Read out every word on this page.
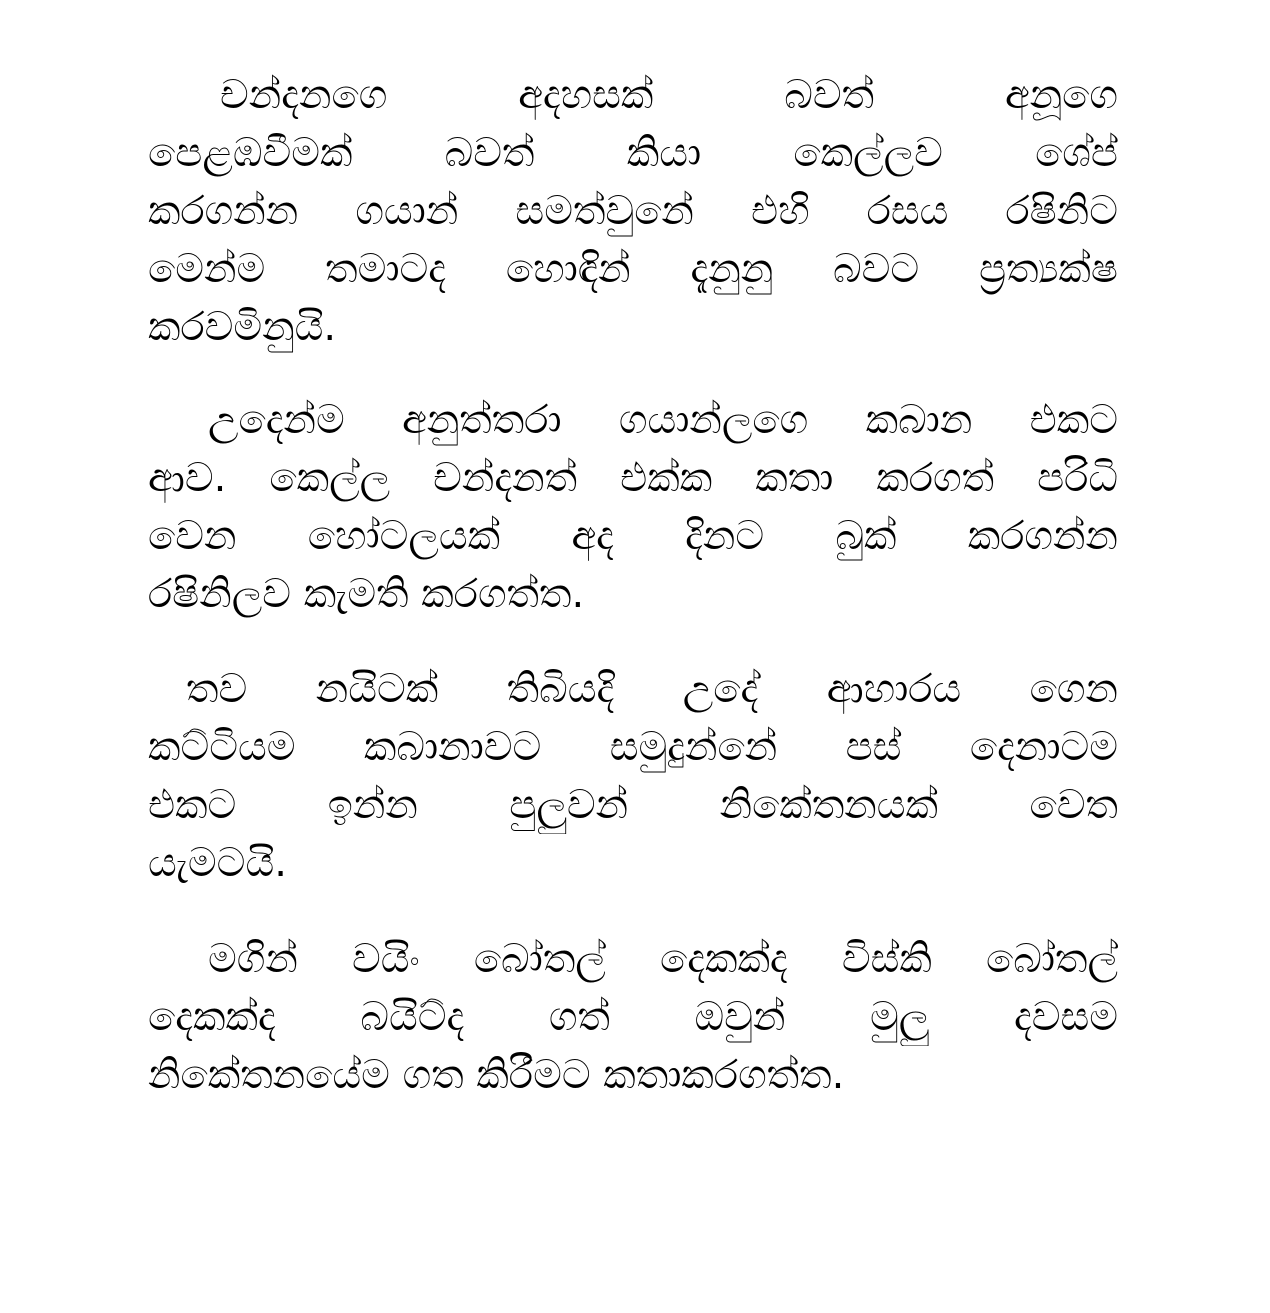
චන්දනගෙ අදහසක් බවත් අනූගෙ
පෙළඹවීමක් බවත් කියා කෙල්ලව ශේප්
කරගන්න ගයාන් සමත්වුනේ එහි රසය රෂිනිට
මෙන්ම තමාටද හොඳින් දැනුනු බවට ප්‍රත්‍යක්ෂ
කරවමිනුයි.
උදෙන්ම අනුත්තරා ගයාන්ලගෙ කබාන එකට
ආව. කෙල්ල චන්දනත් එක්ක කතා කරගත් පරිධි
වෙන හෝටලයක් අද දිනට බුක් කරගන්න
රෂිනිලව කැමති කරගත්ත.
තව නයිටක් තිබියදි උදේ ආහාරය ගෙන
කට්ටියම කබානාවට සමුදුන්නේ පස් දෙනාටම
එකට ඉන්න පුලුවන් නිකේතනයක් වෙත
යැමටයි.
මගින් වයිං බෝතල් දෙකක්ද විස්කි බෝතල්
දෙකක්ද බයිට්ද ගත් ඔවුන් මුලු දවසම
නිකේතනයේම ගත කිරීමට කතාකරගත්ත.
